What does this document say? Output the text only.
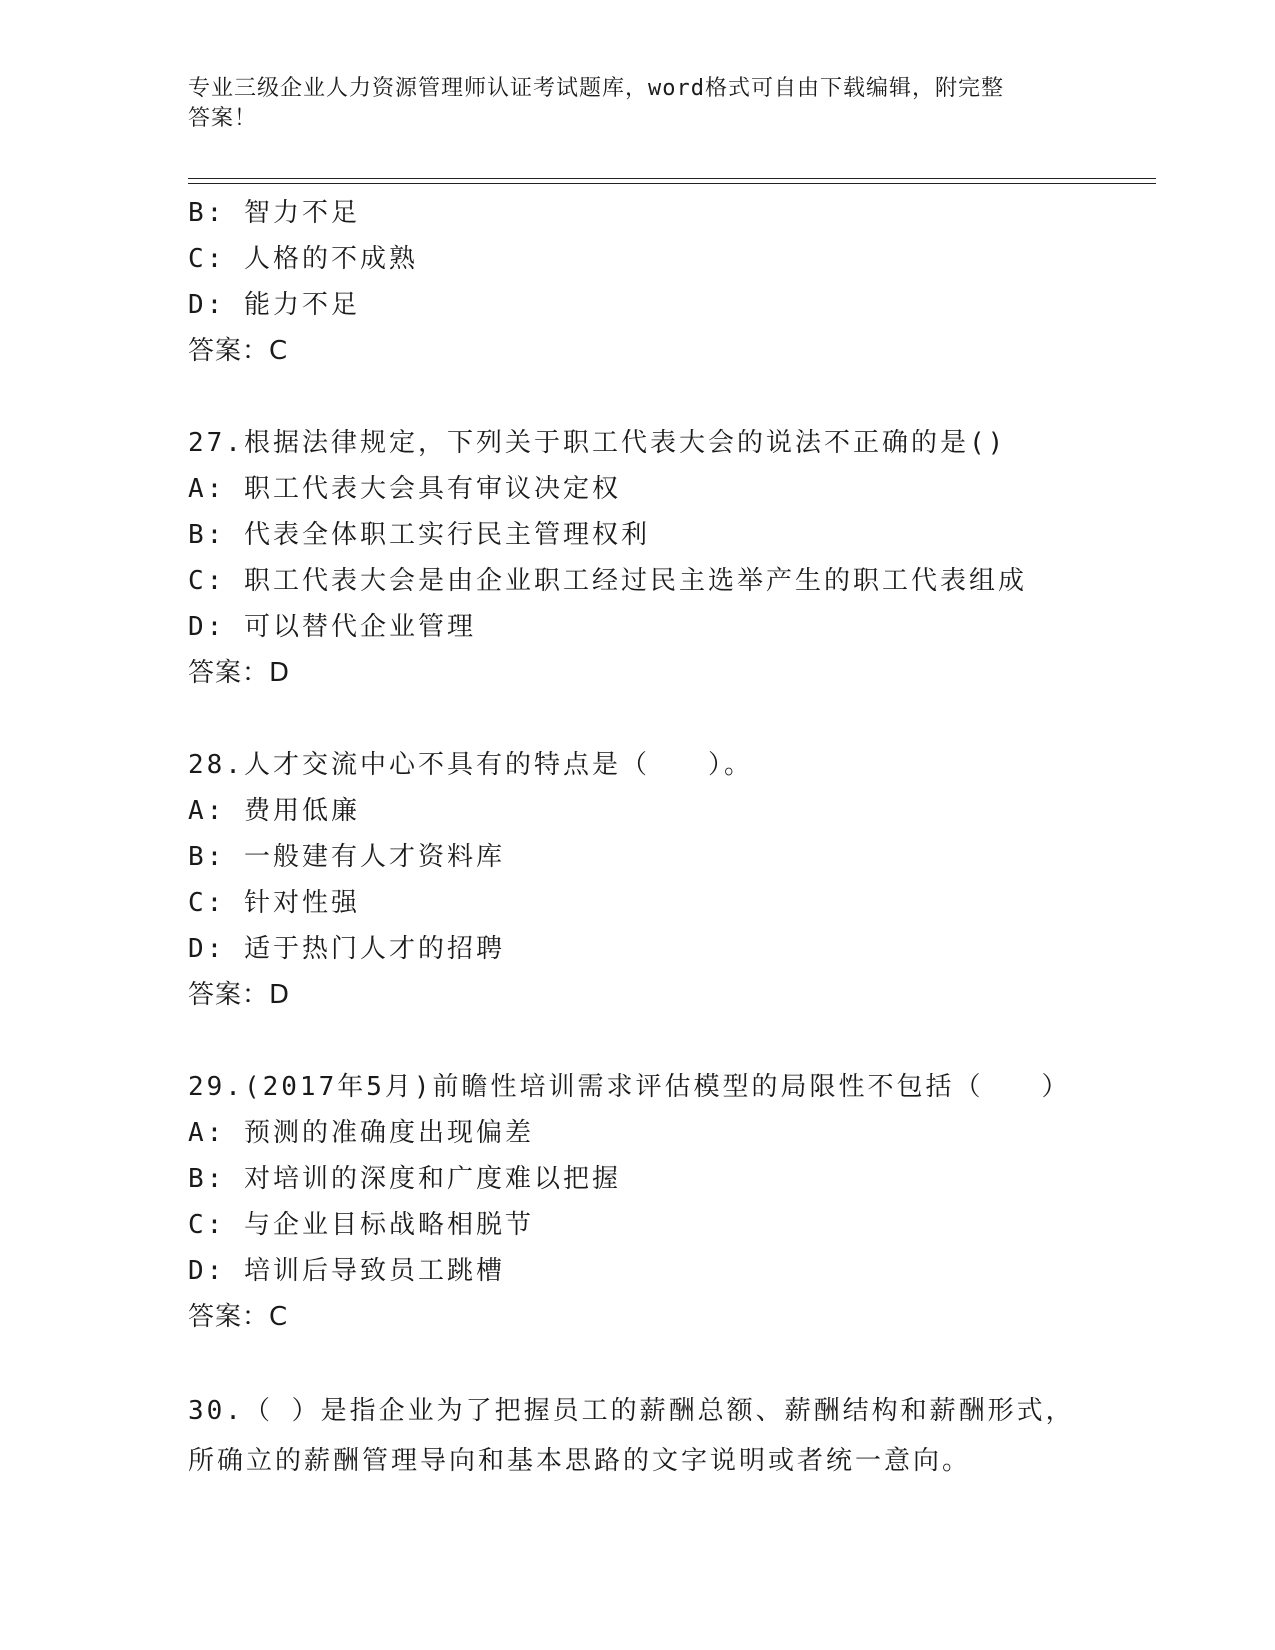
专业三级企业人力资源管理师认证考试题库，word格式可自由下载编辑，附完整
答案！
B: 智力不足
C: 人格的不成熟
D: 能力不足
答案：C
27.根据法律规定，下列关于职工代表大会的说法不正确的是()
A: 职工代表大会具有审议决定权
B: 代表全体职工实行民主管理权利
C: 职工代表大会是由企业职工经过民主选举产生的职工代表组成
D: 可以替代企业管理
答案：D
28.人才交流中心不具有的特点是（　　）。
A: 费用低廉
B: 一般建有人才资料库
C: 针对性强
D: 适于热门人才的招聘
答案：D
29.(2017年5月)前瞻性培训需求评估模型的局限性不包括（　　）
A: 预测的准确度出现偏差
B: 对培训的深度和广度难以把握
C: 与企业目标战略相脱节
D: 培训后导致员工跳槽
答案：C
30.（ ）是指企业为了把握员工的薪酬总额、薪酬结构和薪酬形式，
所确立的薪酬管理导向和基本思路的文字说明或者统一意向。
